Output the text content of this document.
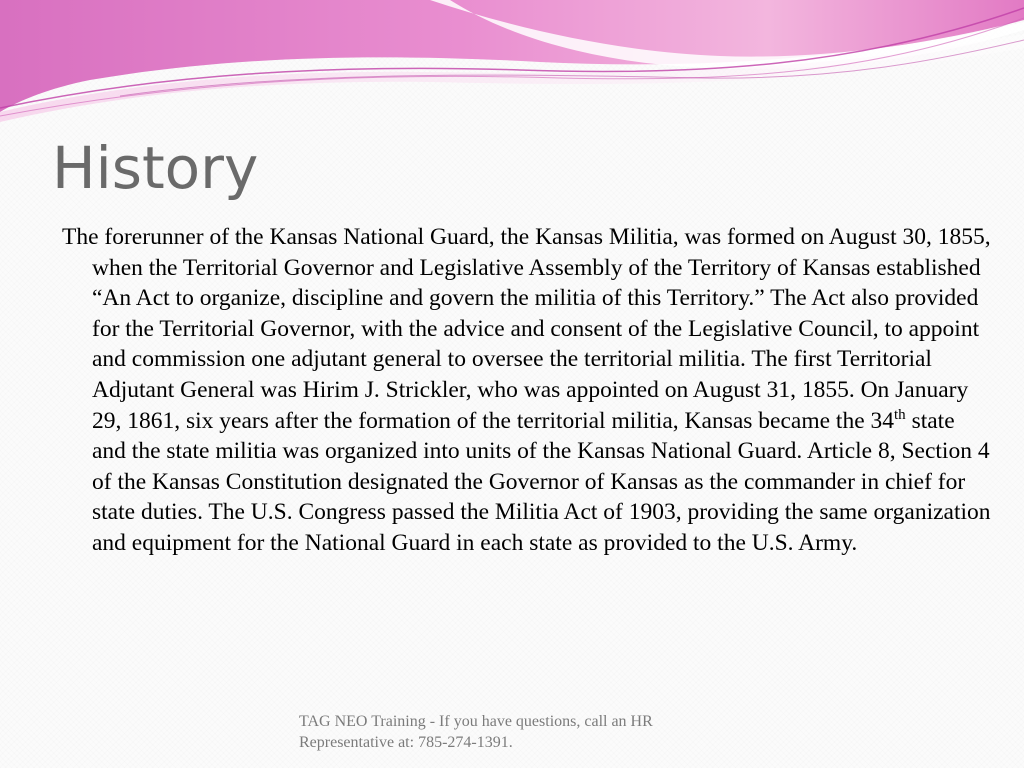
History

The forerunner of the Kansas National Guard, the Kansas Militia, was formed on August 30, 1855, when the Territorial Governor and Legislative Assembly of the Territory of Kansas established “An Act to organize, discipline and govern the militia of this Territory.” The Act also provided for the Territorial Governor, with the advice and consent of the Legislative Council, to appoint and commission one adjutant general to oversee the territorial militia. The first Territorial Adjutant General was Hirim J. Strickler, who was appointed on August 31, 1855. On January 29, 1861, six years after the formation of the territorial militia, Kansas became the 34th state and the state militia was organized into units of the Kansas National Guard. Article 8, Section 4 of the Kansas Constitution designated the Governor of Kansas as the commander in chief for state duties. The U.S. Congress passed the Militia Act of 1903, providing the same organization and equipment for the National Guard in each state as provided to the U.S. Army.

TAG NEO Training - If you have questions, call an HR Representative at: 785-274-1391.
